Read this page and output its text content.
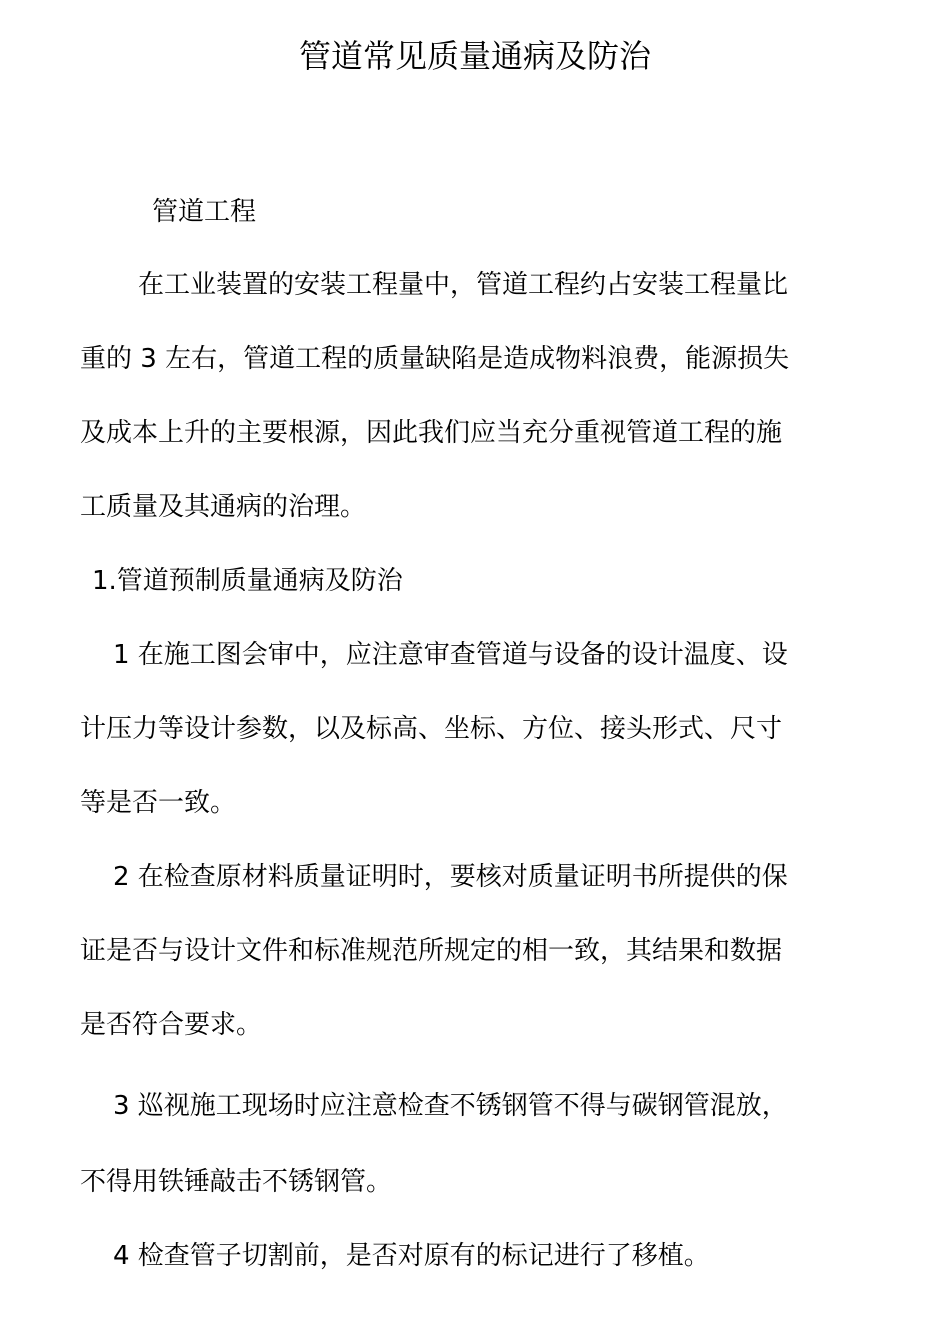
管道常见质量通病及防治
管道工程
在工业装置的安装工程量中，管道工程约占安装工程量比
重的 3 左右，管道工程的质量缺陷是造成物料浪费，能源损失
及成本上升的主要根源，因此我们应当充分重视管道工程的施
工质量及其通病的治理。
1.管道预制质量通病及防治
1 在施工图会审中，应注意审查管道与设备的设计温度、设
计压力等设计参数，以及标高、坐标、方位、接头形式、尺寸
等是否一致。
2 在检查原材料质量证明时，要核对质量证明书所提供的保
证是否与设计文件和标准规范所规定的相一致，其结果和数据
是否符合要求。
3 巡视施工现场时应注意检查不锈钢管不得与碳钢管混放，
不得用铁锤敲击不锈钢管。
4 检查管子切割前，是否对原有的标记进行了移植。
